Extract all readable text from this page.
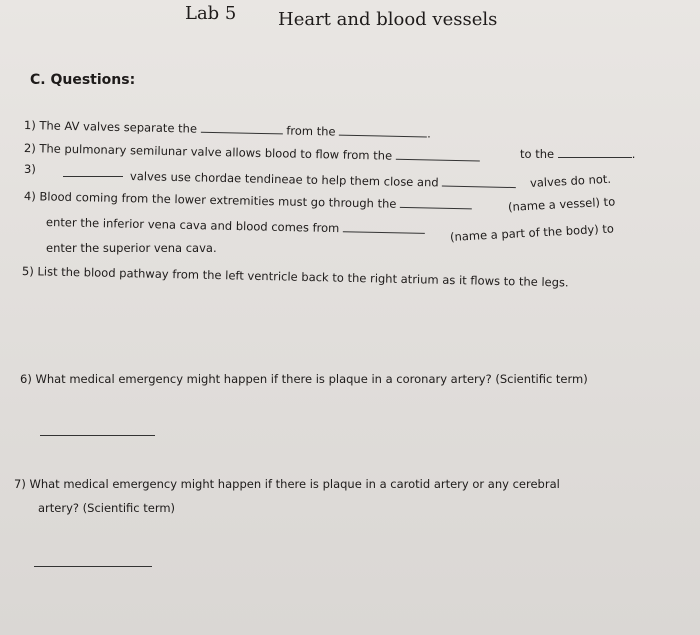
Lab 5 Heart and blood vessels
C. Questions:
1) The AV valves separate the	from the	.
2) The pulmonary semilunar valve allows blood to flow from the	to the	.
3)
valves use chordae tendineae to help them close and	valves do not.
4) Blood coming from the lower extremities must go through the	(name a vessel) to
enter the inferior vena cava and blood comes from	(name a part of the body) to
enter the superior vena cava.
5) List the blood pathway from the left ventricle back to the right atrium as it flows to the legs.
6) What medical emergency might happen if there is plaque in a coronary artery? (Scientific term)
7) What medical emergency might happen if there is plaque in a carotid artery or any cerebral
artery? (Scientific term)
